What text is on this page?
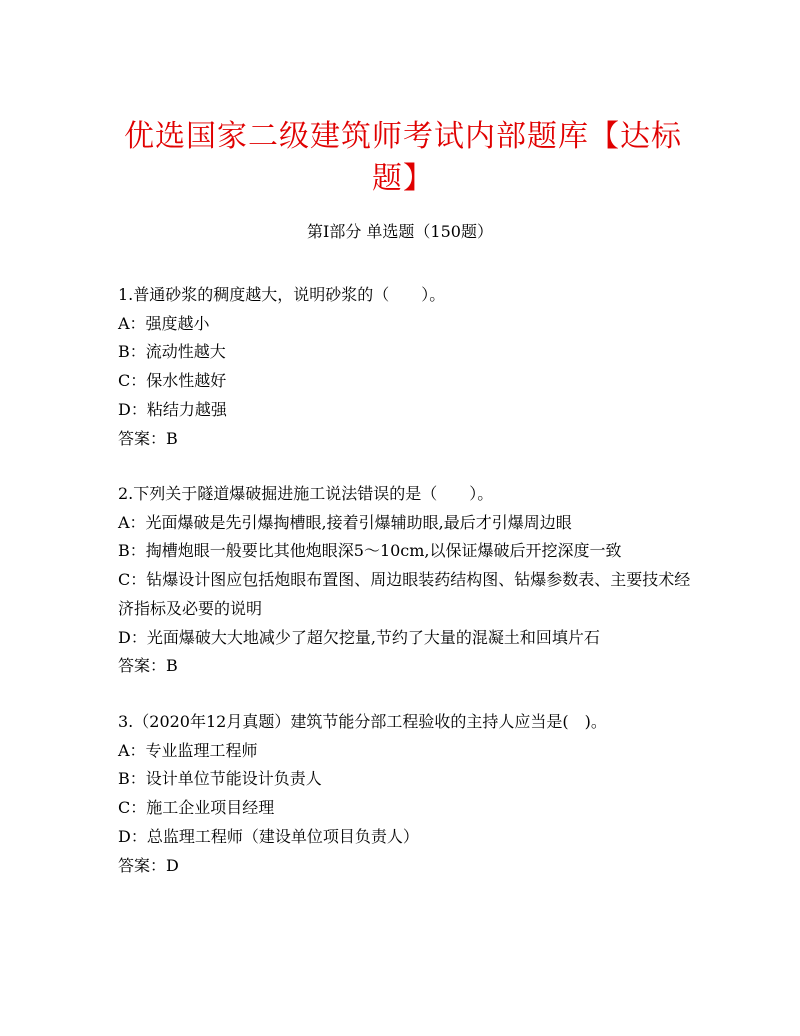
优选国家二级建筑师考试内部题库【达标题】
第Ⅰ部分 单选题（150题）
1.普通砂浆的稠度越大，说明砂浆的（　　）。
A：强度越小
B：流动性越大
C：保水性越好
D：粘结力越强
答案：B
2.下列关于隧道爆破掘进施工说法错误的是（　　）。
A：光面爆破是先引爆掏槽眼,接着引爆辅助眼,最后才引爆周边眼
B：掏槽炮眼一般要比其他炮眼深5～10cm,以保证爆破后开挖深度一致
C：钻爆设计图应包括炮眼布置图、周边眼装药结构图、钻爆参数表、主要技术经济指标及必要的说明
D：光面爆破大大地减少了超欠挖量,节约了大量的混凝土和回填片石
答案：B
3.（2020年12月真题）建筑节能分部工程验收的主持人应当是(　)。
A：专业监理工程师
B：设计单位节能设计负责人
C：施工企业项目经理
D：总监理工程师（建设单位项目负责人）
答案：D
